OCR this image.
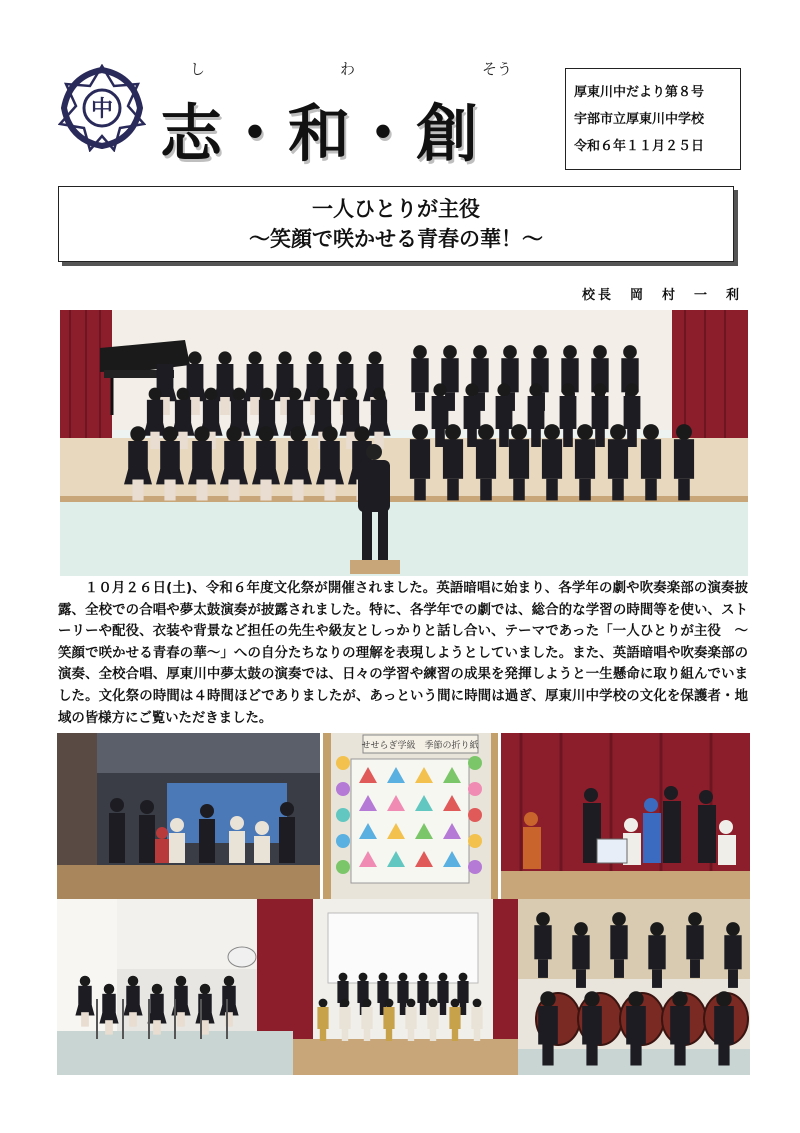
中
し	わ	そう
志・和・創
厚東川中だより第８号
宇部市立厚東川中学校
令和６年１１月２５日
一人ひとりが主役
～笑顔で咲かせる青春の華！～
校長　岡　村　一　利
１０月２６日(土)、令和６年度文化祭が開催されました。英語暗唱に始まり、各学年の劇や吹奏楽部の演奏披露、全校での合唱や夢太鼓演奏が披露されました。特に、各学年での劇では、総合的な学習の時間等を使い、ストーリーや配役、衣装や背景など担任の先生や級友としっかりと話し合い、テーマであった「一人ひとりが主役　～笑顔で咲かせる青春の華～」への自分たちなりの理解を表現しようとしていました。また、英語暗唱や吹奏楽部の演奏、全校合唱、厚東川中夢太鼓の演奏では、日々の学習や練習の成果を発揮しようと一生懸命に取り組んでいました。文化祭の時間は４時間ほどでありましたが、あっという間に時間は過ぎ、厚東川中学校の文化を保護者・地域の皆様方にご覧いただきました。
せせらぎ学級　季節の折り紙
